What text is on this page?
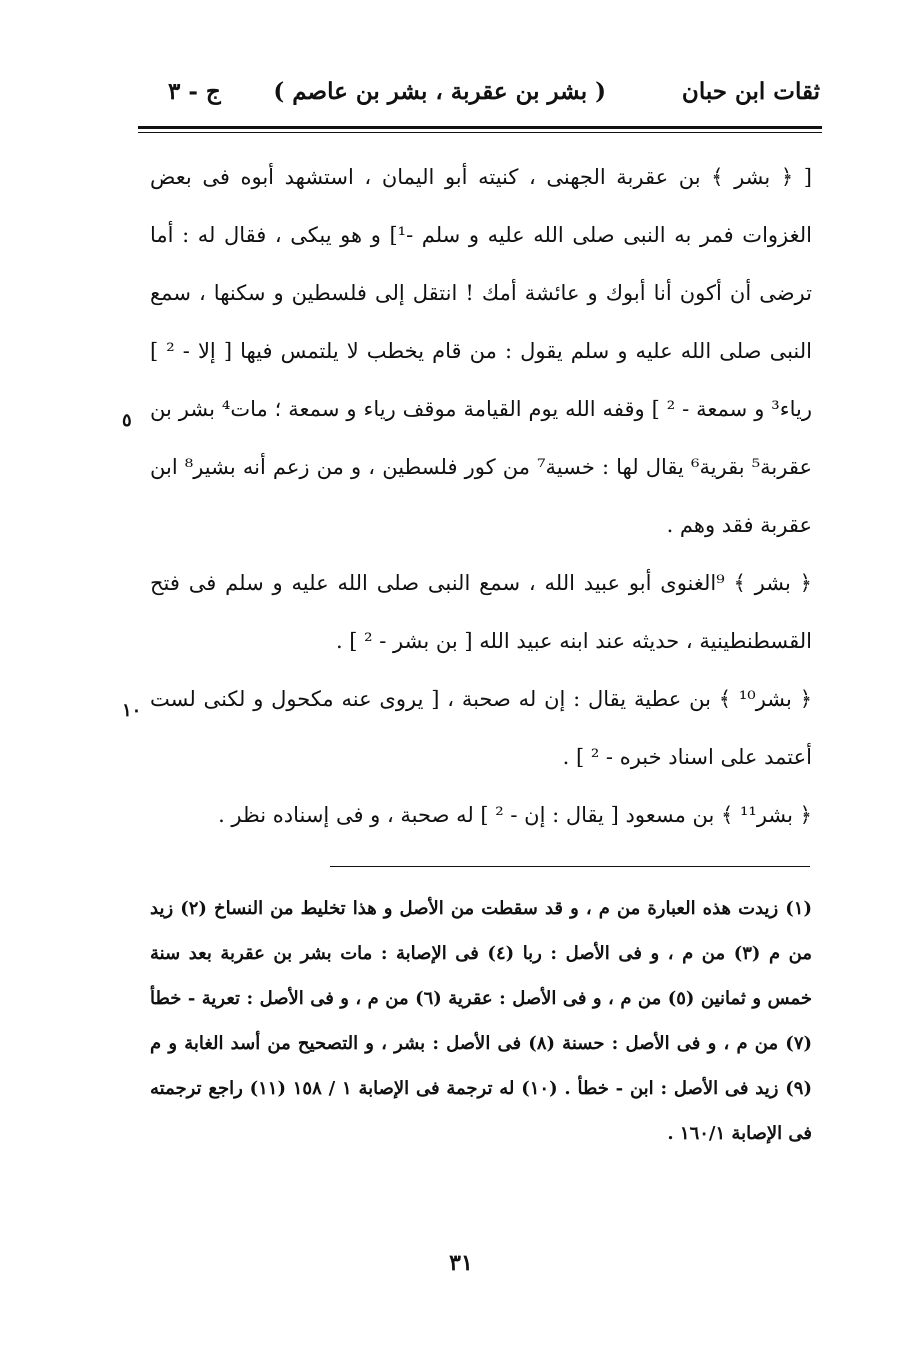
ثقات ابن حبان
( بشر بن عقربة ، بشر بن عاصم )
ج - ٣
٥
١٠

[ ﴿ بشر ﴾ بن عقربة الجهنى ، كنيته أبو اليمان ، استشهد أبوه فى بعض الغزوات فمر به النبى صلى الله عليه و سلم -¹] و هو يبكى ، فقال له : أما ترضى أن أكون أنا أبوك و عائشة أمك ! انتقل إلى فلسطين و سكنها ، سمع النبى صلى الله عليه و سلم يقول : من قام يخطب لا يلتمس فيها [ إلا - ² ] رياء³ و سمعة - ² ] وقفه الله يوم القيامة موقف رياء و سمعة ؛ مات⁴ بشر بن عقربة⁵ بقرية⁶ يقال لها : خسية⁷ من كور فلسطين ، و من زعم أنه بشير⁸ ابن عقربة فقد وهم .

﴿ بشر ﴾ ⁹الغنوى أبو عبيد الله ، سمع النبى صلى الله عليه و سلم فى فتح القسطنطينية ، حديثه عند ابنه عبيد الله [ بن بشر - ² ] .

﴿ بشر¹⁰ ﴾ بن عطية يقال : إن له صحبة ، [ يروى عنه مكحول و لكنى لست أعتمد على اسناد خبره - ² ] .

﴿ بشر¹¹ ﴾ بن مسعود [ يقال : إن - ² ] له صحبة ، و فى إسناده نظر .

(١) زيدت هذه العبارة من م ، و قد سقطت من الأصل و هذا تخليط من النساخ (٢) زيد من م (٣) من م ، و فى الأصل : ربا (٤) فى الإصابة : مات بشر بن عقربة بعد سنة خمس و ثمانين (٥) من م ، و فى الأصل : عقرية (٦) من م ، و فى الأصل : تعرية - خطأ (٧) من م ، و فى الأصل : حسنة (٨) فى الأصل : بشر ، و التصحيح من أسد الغابة و م (٩) زيد فى الأصل : ابن - خطأ . (١٠) له ترجمة فى الإصابة ١ / ١٥٨ (١١) راجع ترجمته فى الإصابة ١٦٠/١ .

٣١
